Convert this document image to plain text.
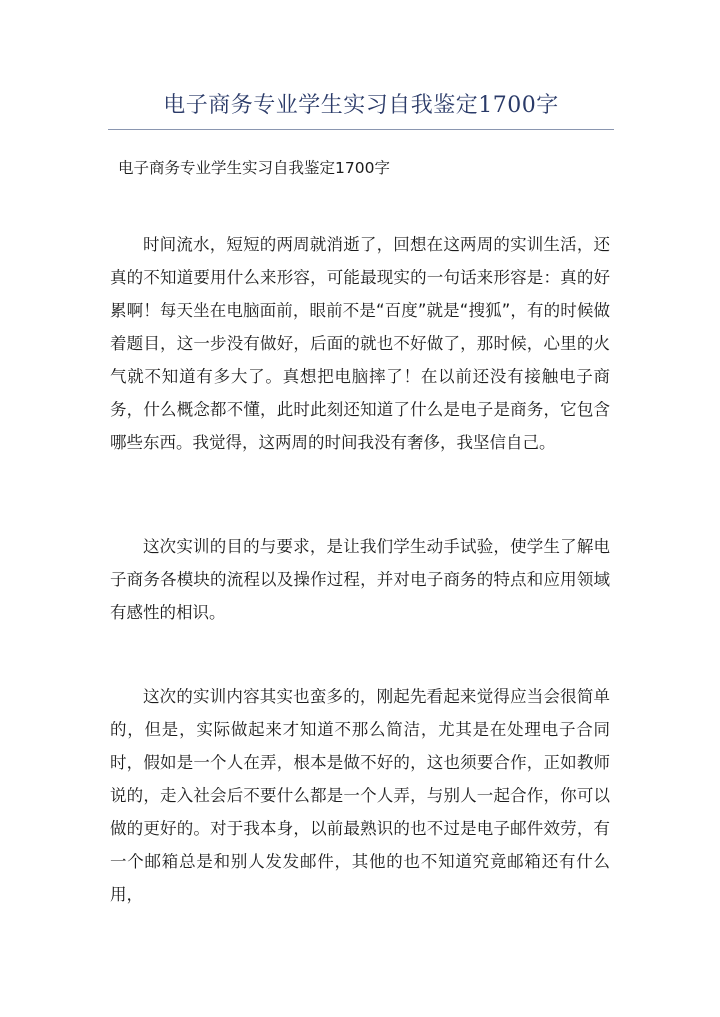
电子商务专业学生实习自我鉴定1700字
电子商务专业学生实习自我鉴定1700字
时间流水，短短的两周就消逝了，回想在这两周的实训生活，还真的不知道要用什么来形容，可能最现实的一句话来形容是：真的好累啊！每天坐在电脑面前，眼前不是“百度”就是“搜狐”，有的时候做着题目，这一步没有做好，后面的就也不好做了，那时候，心里的火气就不知道有多大了。真想把电脑摔了！在以前还没有接触电子商务，什么概念都不懂，此时此刻还知道了什么是电子是商务，它包含哪些东西。我觉得，这两周的时间我没有奢侈，我坚信自己。
这次实训的目的与要求，是让我们学生动手试验，使学生了解电子商务各模块的流程以及操作过程，并对电子商务的特点和应用领域有感性的相识。
这次的实训内容其实也蛮多的，刚起先看起来觉得应当会很简单的，但是，实际做起来才知道不那么简洁，尤其是在处理电子合同时，假如是一个人在弄，根本是做不好的，这也须要合作，正如教师说的，走入社会后不要什么都是一个人弄，与别人一起合作，你可以做的更好的。对于我本身，以前最熟识的也不过是电子邮件效劳，有一个邮箱总是和别人发发邮件，其他的也不知道究竟邮箱还有什么用，
